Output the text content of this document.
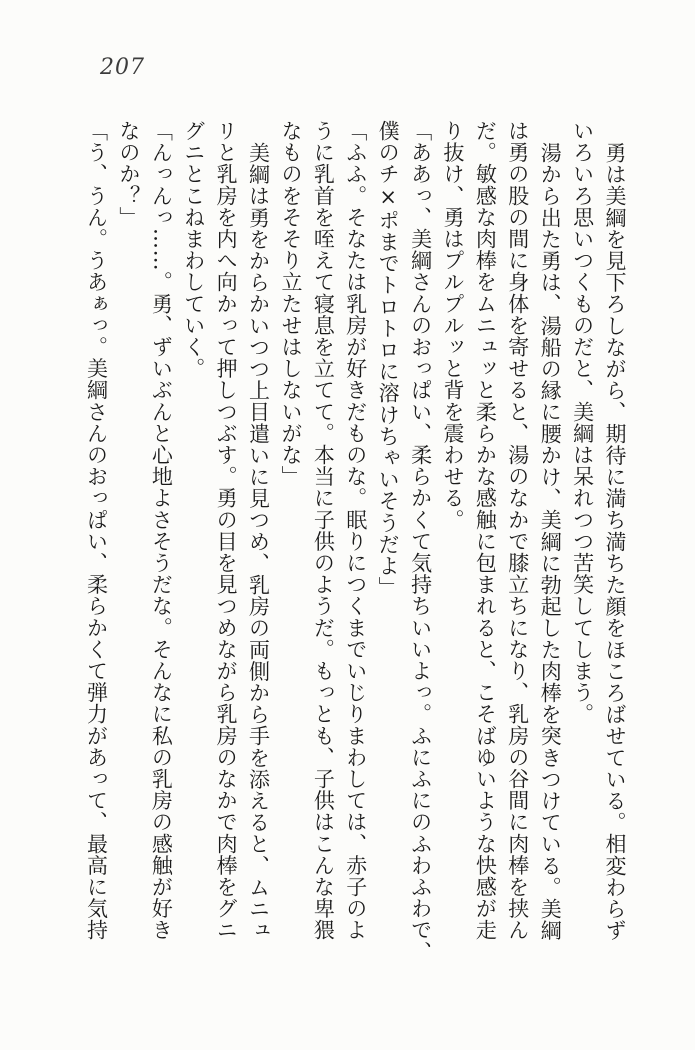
207
勇は美綱を見下ろしながら、期待に満ち満ちた顔をほころばせている。相変わらず
いろいろ思いつくものだと、美綱は呆れつつ苦笑してしまう。
湯から出た勇は、湯船の縁に腰かけ、美綱に勃起した肉棒を突きつけている。美綱
は勇の股の間に身体を寄せると、湯のなかで膝立ちになり、乳房の谷間に肉棒を挟ん
だ。敏感な肉棒をムニュッと柔らかな感触に包まれると、こそばゆいような快感が走
り抜け、勇はプルプルッと背を震わせる。
「ああっ、美綱さんのおっぱい、柔らかくて気持ちいいよっ。ふにふにのふわふわで、
僕のチ×ポまでトロトロに溶けちゃいそうだよ」
「ふふ。そなたは乳房が好きだものな。眠りにつくまでいじりまわしては、赤子のよ
うに乳首を咥えて寝息を立てて。本当に子供のようだ。もっとも、子供はこんな卑猥
なものをそそり立たせはしないがな」
美綱は勇をからかいつつ上目遣いに見つめ、乳房の両側から手を添えると、ムニュ
リと乳房を内へ向かって押しつぶす。勇の目を見つめながら乳房のなかで肉棒をグニ
グニとこねまわしていく。
「んっんっ……。勇、ずいぶんと心地よさそうだな。そんなに私の乳房の感触が好き
なのか？」
「う、うん。うあぁっ。美綱さんのおっぱい、柔らかくて弾力があって、最高に気持
